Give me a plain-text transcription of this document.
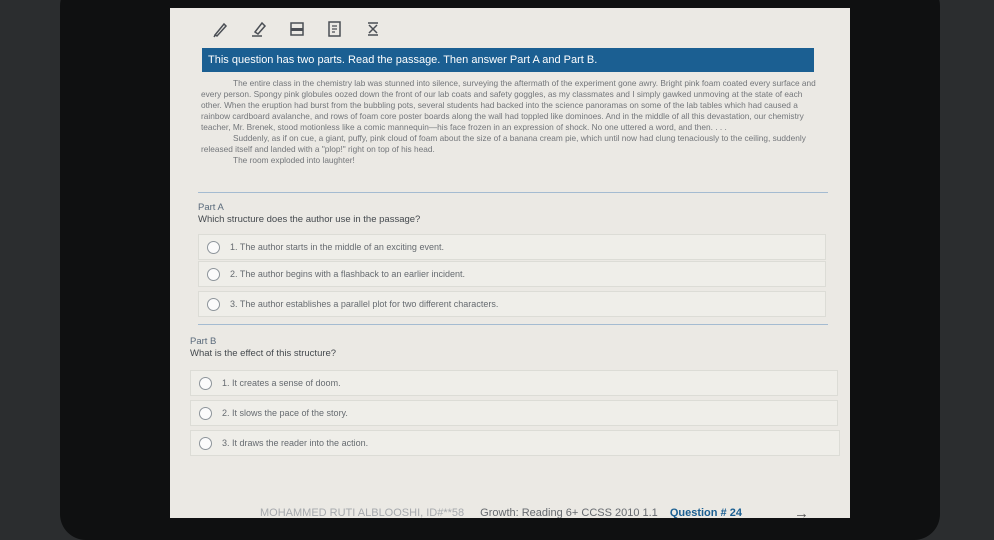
This question has two parts. Read the passage. Then answer Part A and Part B.

The entire class in the chemistry lab was stunned into silence, surveying the aftermath of the experiment gone awry. Bright pink foam coated every surface and every person. Spongy pink globules oozed down the front of our lab coats and safety goggles, as my classmates and I simply gawked unmoving at the state of each other. When the eruption had burst from the bubbling pots, several students had backed into the science panoramas on some of the lab tables which had caused a rainbow cardboard avalanche, and rows of foam core poster boards along the wall had toppled like dominoes. And in the middle of all this devastation, our chemistry teacher, Mr. Brenek, stood motionless like a comic mannequin—his face frozen in an expression of shock. No one uttered a word, and then. . . .

Suddenly, as if on cue, a giant, puffy, pink cloud of foam about the size of a banana cream pie, which until now had clung tenaciously to the ceiling, suddenly released itself and landed with a "plop!" right on top of his head.

The room exploded into laughter!

Part A
Which structure does the author use in the passage?
1. The author starts in the middle of an exciting event.
2. The author begins with a flashback to an earlier incident.
3. The author establishes a parallel plot for two different characters.
Part B
What is the effect of this structure?
1. It creates a sense of doom.
2. It slows the pace of the story.
3. It draws the reader into the action.
MOHAMMED RUTI ALBLOOSHI, ID#**58 Growth: Reading 6+ CCSS 2010 1.1 Question # 24	→
